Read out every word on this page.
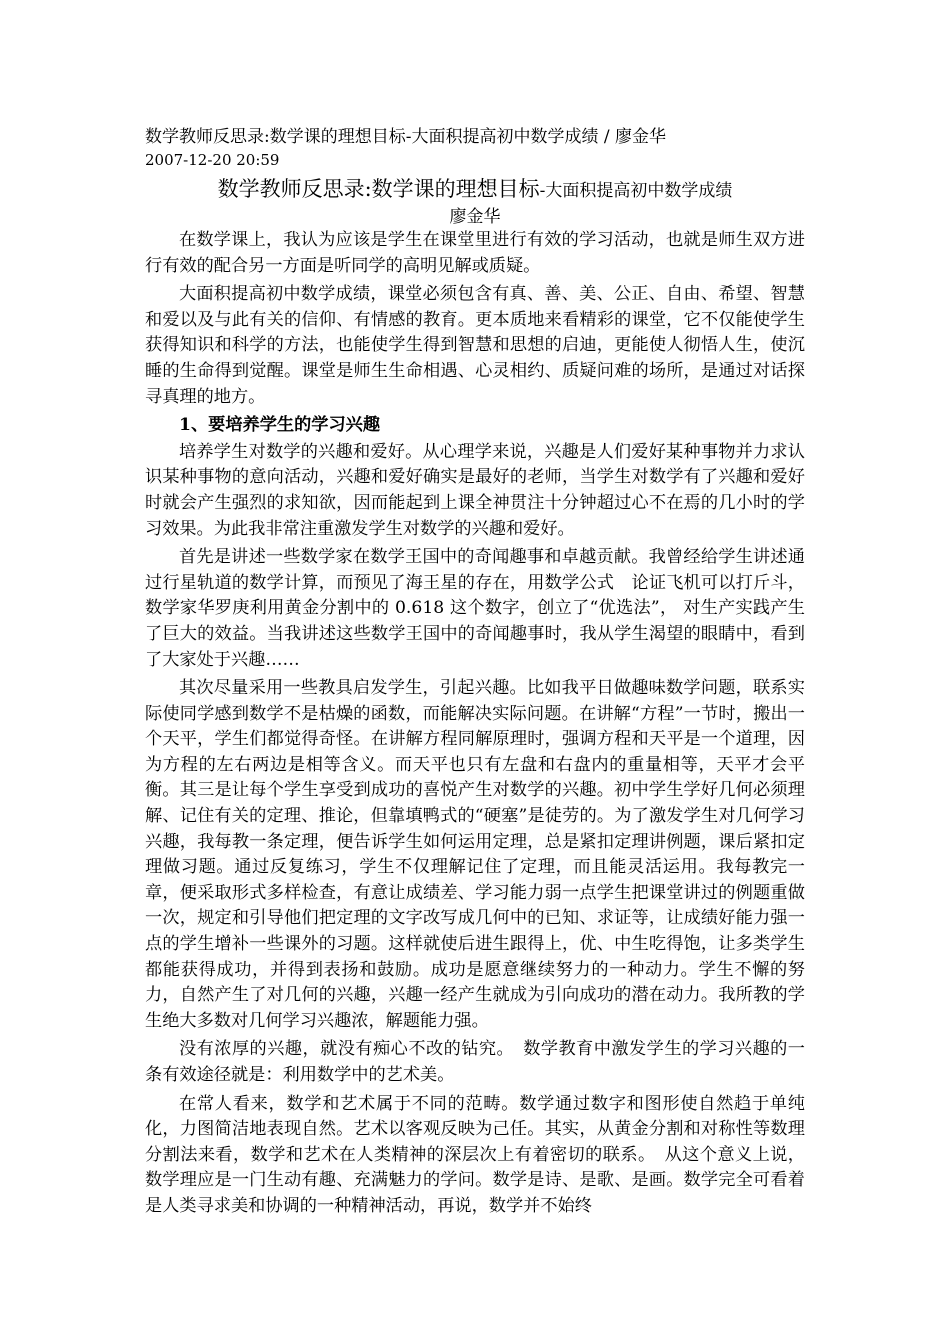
数学教师反思录:数学课的理想目标-大面积提高初中数学成绩 / 廖金华
2007-12-20 20:59
数学教师反思录:数学课的理想目标-大面积提高初中数学成绩
廖金华

在数学课上，我认为应该是学生在课堂里进行有效的学习活动，也就是师生双方进行有效的配合另一方面是听同学的高明见解或质疑。

大面积提高初中数学成绩，课堂必须包含有真、善、美、公正、自由、希望、智慧和爱以及与此有关的信仰、有情感的教育。更本质地来看精彩的课堂，它不仅能使学生获得知识和科学的方法，也能使学生得到智慧和思想的启迪，更能使人彻悟人生，使沉睡的生命得到觉醒。课堂是师生生命相遇、心灵相约、质疑问难的场所，是通过对话探寻真理的地方。

1、要培养学生的学习兴趣

培养学生对数学的兴趣和爱好。从心理学来说，兴趣是人们爱好某种事物并力求认识某种事物的意向活动，兴趣和爱好确实是最好的老师，当学生对数学有了兴趣和爱好时就会产生强烈的求知欲，因而能起到上课全神贯注十分钟超过心不在焉的几小时的学习效果。为此我非常注重激发学生对数学的兴趣和爱好。

首先是讲述一些数学家在数学王国中的奇闻趣事和卓越贡献。我曾经给学生讲述通过行星轨道的数学计算，而预见了海王星的存在，用数学公式　论证飞机可以打斤斗，数学家华罗庚利用黄金分割中的 0.618 这个数字，创立了“优选法”， 对生产实践产生了巨大的效益。当我讲述这些数学王国中的奇闻趣事时，我从学生渴望的眼睛中，看到了大家处于兴趣……

其次尽量采用一些教具启发学生，引起兴趣。比如我平日做趣味数学问题，联系实际使同学感到数学不是枯燥的函数，而能解决实际问题。在讲解“方程”一节时，搬出一个天平，学生们都觉得奇怪。在讲解方程同解原理时，强调方程和天平是一个道理，因为方程的左右两边是相等含义。而天平也只有左盘和右盘内的重量相等，天平才会平衡。其三是让每个学生享受到成功的喜悦产生对数学的兴趣。初中学生学好几何必须理解、记住有关的定理、推论，但靠填鸭式的“硬塞”是徒劳的。为了激发学生对几何学习兴趣，我每教一条定理，便告诉学生如何运用定理，总是紧扣定理讲例题，课后紧扣定理做习题。通过反复练习，学生不仅理解记住了定理，而且能灵活运用。我每教完一章，便采取形式多样检查，有意让成绩差、学习能力弱一点学生把课堂讲过的例题重做一次，规定和引导他们把定理的文字改写成几何中的已知、求证等，让成绩好能力强一点的学生增补一些课外的习题。这样就使后进生跟得上，优、中生吃得饱，让多类学生都能获得成功，并得到表扬和鼓励。成功是愿意继续努力的一种动力。学生不懈的努力，自然产生了对几何的兴趣，兴趣一经产生就成为引向成功的潜在动力。我所教的学生绝大多数对几何学习兴趣浓，解题能力强。

没有浓厚的兴趣，就没有痴心不改的钻究。　数学教育中激发学生的学习兴趣的一条有效途径就是：利用数学中的艺术美。

在常人看来，数学和艺术属于不同的范畴。数学通过数字和图形使自然趋于单纯化，力图简洁地表现自然。艺术以客观反映为己任。其实，从黄金分割和对称性等数理分割法来看，数学和艺术在人类精神的深层次上有着密切的联系。　从这个意义上说，数学理应是一门生动有趣、充满魅力的学问。数学是诗、是歌、是画。数学完全可看着是人类寻求美和协调的一种精神活动，再说，数学并不始终
